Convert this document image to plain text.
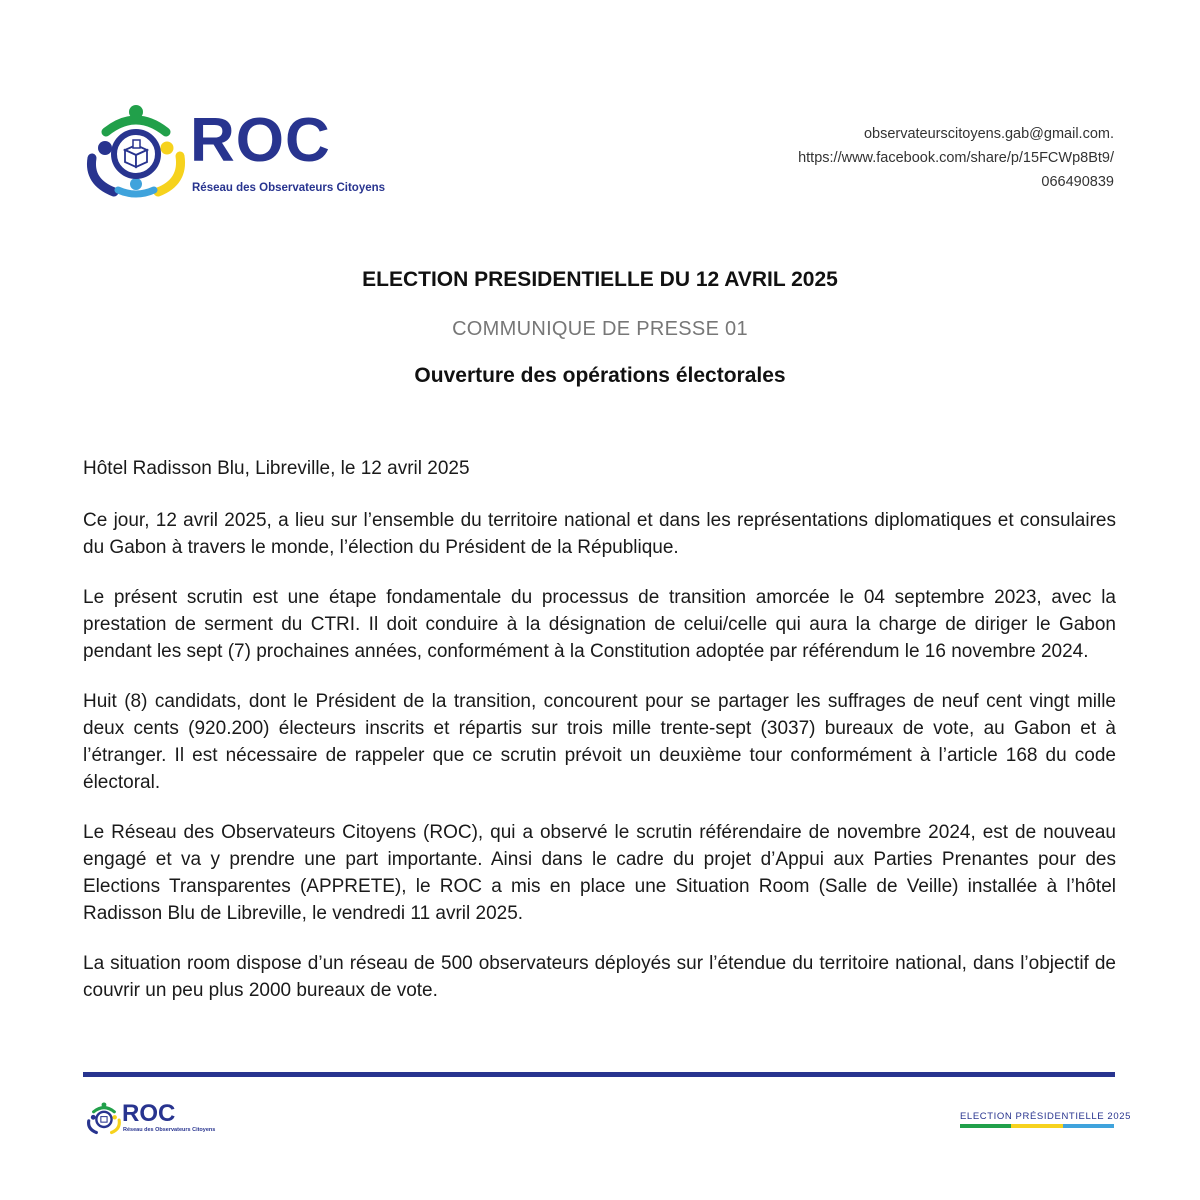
ROC
Réseau des Observateurs Citoyens
observateurscitoyens.gab@gmail.com.
https://www.facebook.com/share/p/15FCWp8Bt9/
066490839
ELECTION PRESIDENTIELLE DU 12 AVRIL 2025
COMMUNIQUE DE PRESSE 01
Ouverture des opérations électorales

Hôtel Radisson Blu, Libreville, le 12 avril 2025

Ce jour, 12 avril 2025, a lieu sur l’ensemble du territoire national et dans les représentations diplomatiques et consulaires du Gabon à travers le monde, l’élection du Président de la République.

Le présent scrutin est une étape fondamentale du processus de transition amorcée le 04 septembre 2023, avec la prestation de serment du CTRI. Il doit conduire à la désignation de celui/celle qui aura la charge de diriger le Gabon pendant les sept (7) prochaines années, conformément à la Constitution adoptée par référendum le 16 novembre 2024.

Huit (8) candidats, dont le Président de la transition, concourent pour se partager les suffrages de neuf cent vingt mille deux cents (920.200) électeurs inscrits et répartis sur trois mille trente-sept (3037) bureaux de vote, au Gabon et à l’étranger. Il est nécessaire de rappeler que ce scrutin prévoit un deuxième tour conformément à l’article 168 du code électoral.

Le Réseau des Observateurs Citoyens (ROC), qui a observé le scrutin référendaire de novembre 2024, est de nouveau engagé et va y prendre une part importante. Ainsi dans le cadre du projet d’Appui aux Parties Prenantes pour des Elections Transparentes (APPRETE), le ROC a mis en place une Situation Room (Salle de Veille) installée à l’hôtel Radisson Blu de Libreville, le vendredi 11 avril 2025.

La situation room dispose d’un réseau de 500 observateurs déployés sur l’étendue du territoire national, dans l’objectif de couvrir un peu plus 2000 bureaux de vote.

ROC
Réseau des Observateurs Citoyens
ELECTION PRÉSIDENTIELLE 2025
